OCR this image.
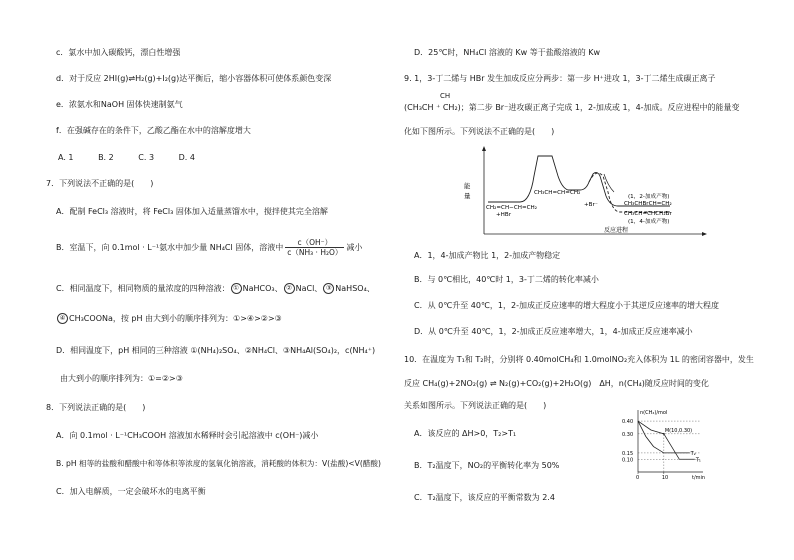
c．氯水中加入碳酸钙，漂白性增强
d．对于反应 2HI(g)⇌H₂(g)+I₂(g)达平衡后，缩小容器体积可使体系颜色变深
e．浓氨水和NaOH 固体快速制氨气
f．在强碱存在的条件下，乙酸乙酯在水中的溶解度增大
A. 1	B. 2	C. 3	D. 4
7．下列说法不正确的是(　　)
A．配制 FeCl₃ 溶液时，将 FeCl₃ 固体加入适量蒸馏水中，搅拌使其完全溶解
B．室温下，向 0.1mol · L⁻¹氨水中加少量 NH₄Cl 固体，溶液中 $\frac{c(OH^-)}{\text{c（NH₃ · H₂O）}}$ 减小
C．相同温度下，相同物质的量浓度的四种溶液： ① NaHCO₃、 ② NaCl、 ③ NaHSO₄、
④ CH₃COONa，按 pH 由大到小的顺序排列为：①>④>②>③
D．相同温度下，pH 相同的三种溶液 ①(NH₄)₂SO₄、②NH₄Cl、③NH₄Al(SO₄)₂，c(NH₄⁺)
由大到小的顺序排列为：①=②>③
8．下列说法正确的是(　　)
A．向 0.1mol · L⁻¹CH₃COOH 溶液加水稀释时会引起溶液中 c(OH⁻)减小
B. pH 相等的盐酸和醋酸中和等体积等浓度的氢氧化钠溶液，消耗酸的体积为：V(盐酸)<V(醋酸)
C．加入电解质，一定会破坏水的电离平衡
D．25℃时，NH₄Cl 溶液的 Kw 等于盐酸溶液的 Kw
9. 1，3-丁二烯与 HBr 发生加成反应分两步：第一步 H⁺进攻 1，3-丁二烯生成碳正离子
CH
(CH₃CH ⁺ CH₂)；第二步 Br⁻进攻碳正离子完成 1，2-加成或 1，4-加成。反应进程中的能量变
化如下图所示。下列说法不正确的是(　　)
能
量
反应进程
CH₂=CH−CH=CH₂
+HBr
CH₃CH=CH=CH₂
+Br⁻
(1，2-加成产物)
CH₃CHBrCH=CH₂
CH₃CH=CHCH₂Br
(1，4-加成产物)
A．1，4-加成产物比 1，2-加成产物稳定
B．与 0℃相比，40℃时 1，3-丁二烯的转化率减小
C．从 0℃升至 40℃，1，2-加成正反应速率的增大程度小于其逆反应速率的增大程度
D．从 0℃升至 40℃，1，2-加成正反应速率增大，1，4-加成正反应速率减小
10．在温度为 T₁和 T₂时，分别将 0.40molCH₄和 1.0molNO₂充入体积为 1L 的密闭容器中，发生
反应 CH₄(g)+2NO₂(g) ⇌ N₂(g)+CO₂(g)+2H₂O(g)　ΔH，n(CH₄)随反应时间的变化
关系如图所示。下列说法正确的是(　　)
A．该反应的 ΔH>0，T₂>T₁
B．T₂温度下，NO₂的平衡转化率为 50%
C．T₂温度下，该反应的平衡常数为 2.4
n(CH₄)/mol
t/min
0.40
0.30
0.15
0.10
0	10
T₂
T₁
M(10,0.30)
